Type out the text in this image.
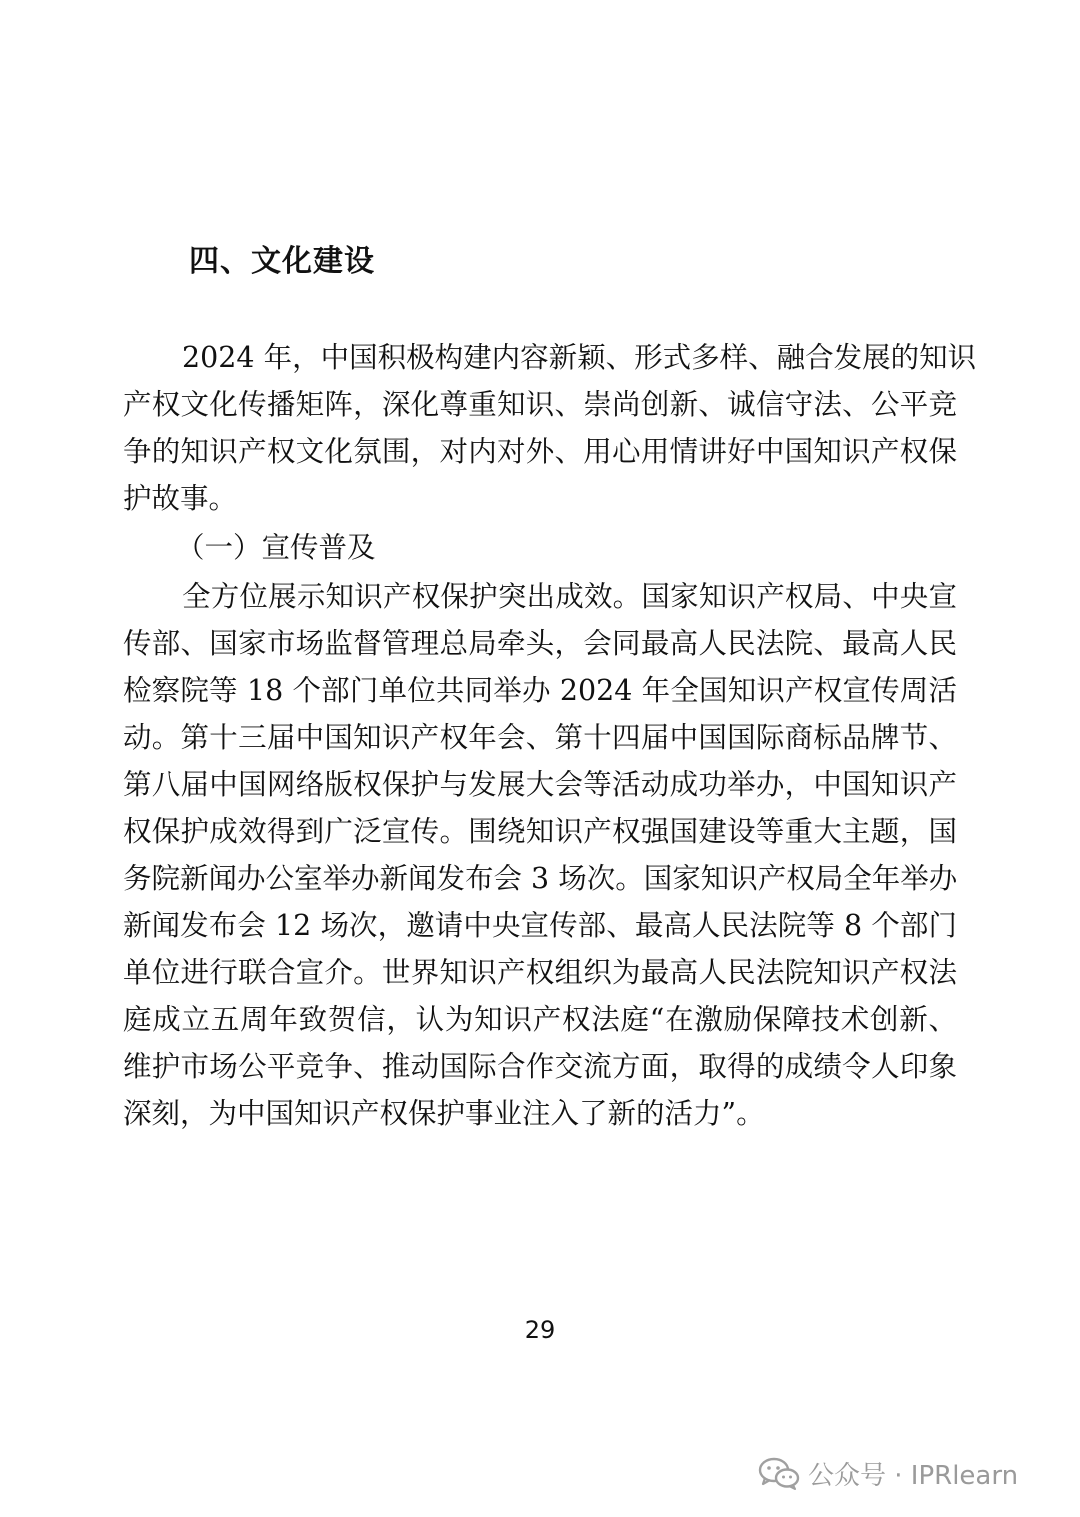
四、文化建设

2024 年，中国积极构建内容新颖、形式多样、融合发展的知识

产权文化传播矩阵，深化尊重知识、崇尚创新、诚信守法、公平竞

争的知识产权文化氛围，对内对外、用心用情讲好中国知识产权保

护故事。

（一）宣传普及

全方位展示知识产权保护突出成效。国家知识产权局、中央宣

传部、国家市场监督管理总局牵头，会同最高人民法院、最高人民

检察院等 18 个部门单位共同举办 2024 年全国知识产权宣传周活

动。第十三届中国知识产权年会、第十四届中国国际商标品牌节、

第八届中国网络版权保护与发展大会等活动成功举办，中国知识产

权保护成效得到广泛宣传。围绕知识产权强国建设等重大主题，国

务院新闻办公室举办新闻发布会 3 场次。国家知识产权局全年举办

新闻发布会 12 场次，邀请中央宣传部、最高人民法院等 8 个部门

单位进行联合宣介。世界知识产权组织为最高人民法院知识产权法

庭成立五周年致贺信，认为知识产权法庭“在激励保障技术创新、

维护市场公平竞争、推动国际合作交流方面，取得的成绩令人印象

深刻，为中国知识产权保护事业注入了新的活力”。

29
公众号 · IPRlearn
